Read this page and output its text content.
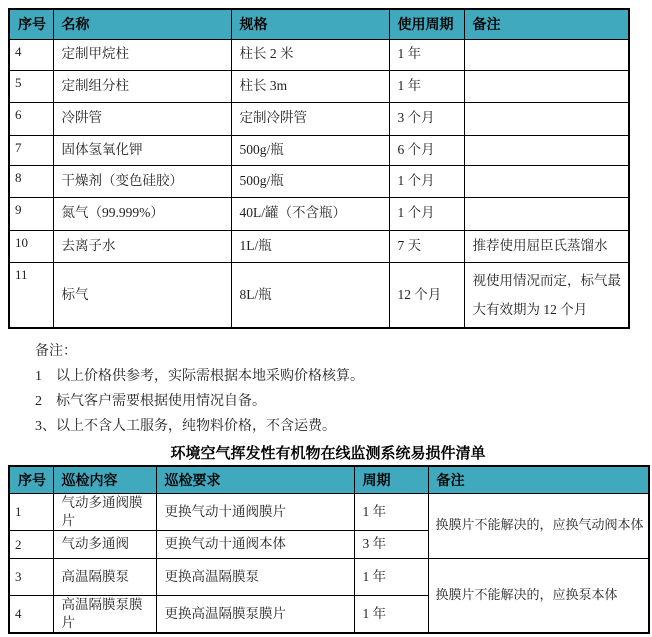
序号	名称	规格	使用周期	备注
4	定制甲烷柱	柱长 2 米	1 年	
5	定制组分柱	柱长 3m	1 年	
6	冷阱管	定制冷阱管	3 个月	
7	固体氢氧化钾	500g/瓶	6 个月	
8	干燥剂（变色硅胶）	500g/瓶	1 个月	
9	氮气（99.999%）	40L/罐（不含瓶）	1 个月	
10	去离子水	1L/瓶	7 天	推荐使用屈臣氏蒸馏水
11	标气	8L/瓶	12 个月	视使用情况而定，标气最大有效期为 12 个月
备注：
1　以上价格供参考，实际需根据本地采购价格核算。
2　标气客户需要根据使用情况自备。
3、以上不含人工服务，纯物料价格，不含运费。
环境空气挥发性有机物在线监测系统易损件清单
序号	巡检内容	巡检要求	周期	备注
1	气动多通阀膜片	更换气动十通阀膜片	1 年	换膜片不能解决的，应换气动阀本体
2	气动多通阀	更换气动十通阀本体	3 年	
3	高温隔膜泵	更换高温隔膜泵	1 年	换膜片不能解决的，应换泵本体
4	高温隔膜泵膜片	更换高温隔膜泵膜片	1 年	
